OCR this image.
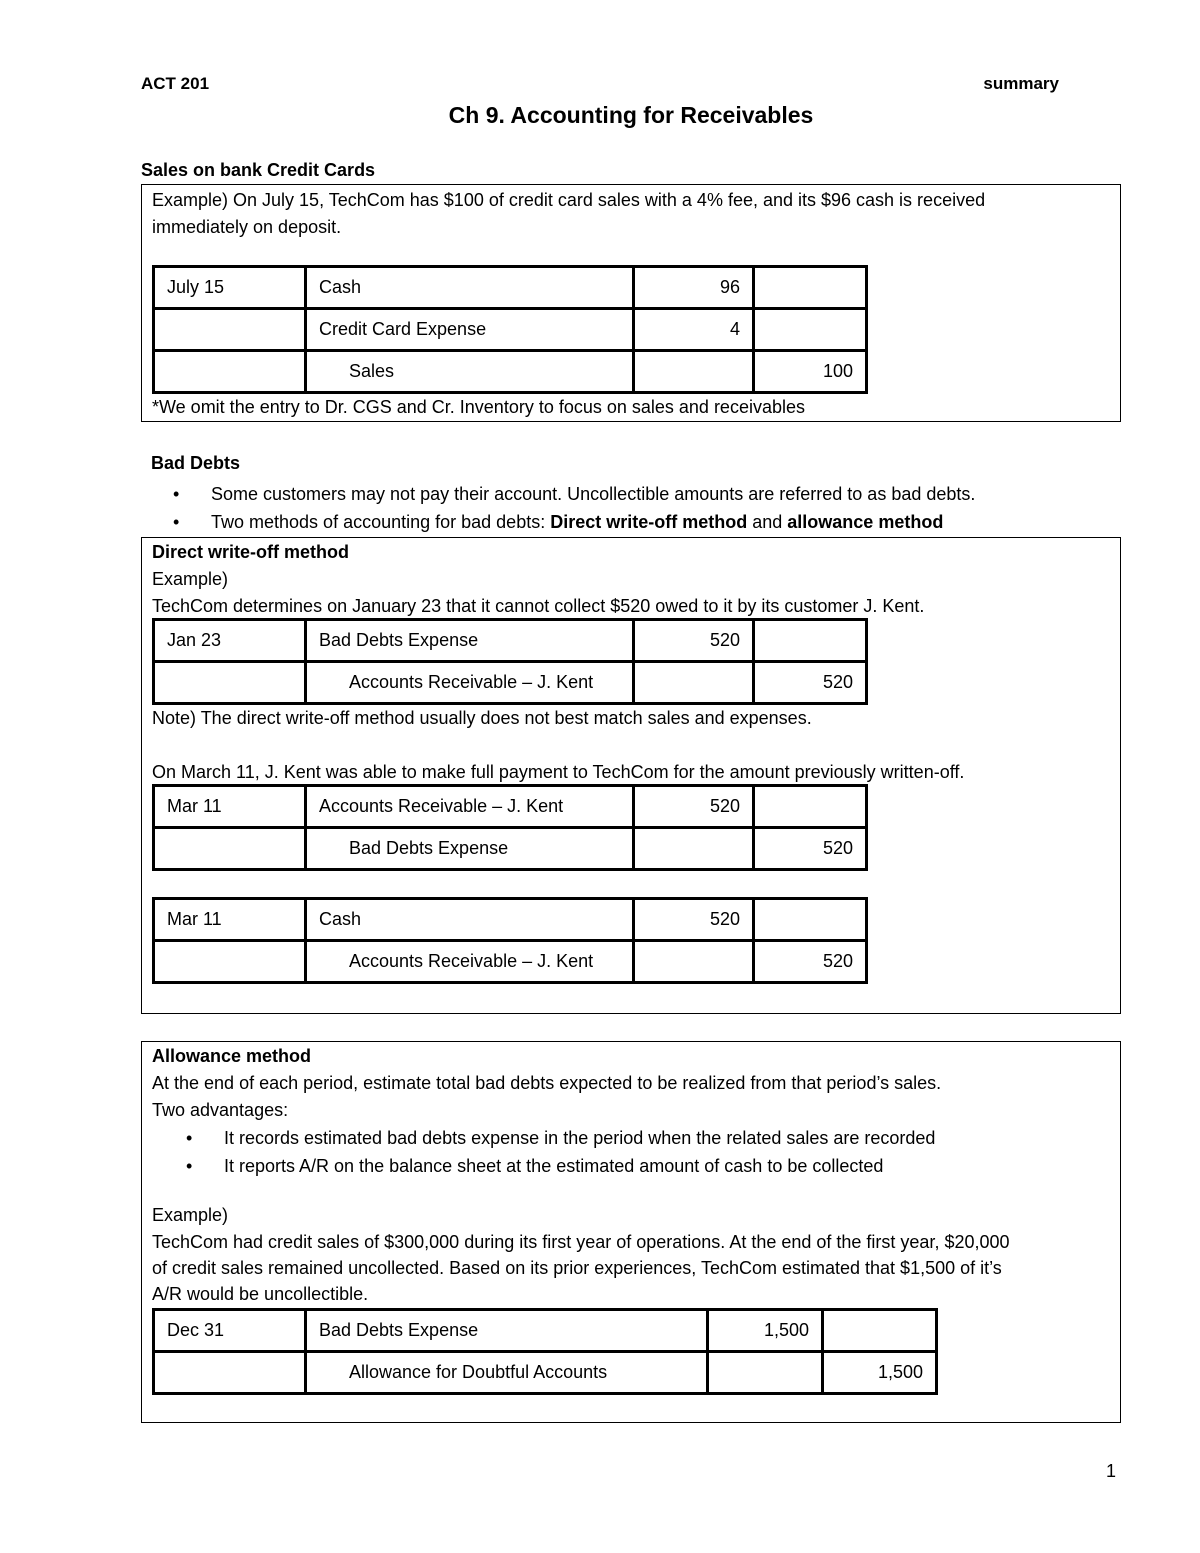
ACT 201	summary
Ch 9. Accounting for Receivables
Sales on bank Credit Cards
Example) On July 15, TechCom has $100 of credit card sales with a 4% fee, and its $96 cash is received
immediately on deposit.
July 15	Cash	96	
	Credit Card Expense	4	
	Sales		100
*We omit the entry to Dr. CGS and Cr. Inventory to focus on sales and receivables
Bad Debts
• Some customers may not pay their account. Uncollectible amounts are referred to as bad debts.
• Two methods of accounting for bad debts: Direct write-off method and allowance method
Direct write-off method
Example)
TechCom determines on January 23 that it cannot collect $520 owed to it by its customer J. Kent.
Jan 23	Bad Debts Expense	520	
	Accounts Receivable – J. Kent		520
Note) The direct write-off method usually does not best match sales and expenses.
On March 11, J. Kent was able to make full payment to TechCom for the amount previously written-off.
Mar 11	Accounts Receivable – J. Kent	520	
	Bad Debts Expense		520
Mar 11	Cash	520	
	Accounts Receivable – J. Kent		520
Allowance method
At the end of each period, estimate total bad debts expected to be realized from that period’s sales.
Two advantages:
• It records estimated bad debts expense in the period when the related sales are recorded
• It reports A/R on the balance sheet at the estimated amount of cash to be collected
Example)
TechCom had credit sales of $300,000 during its first year of operations. At the end of the first year, $20,000
of credit sales remained uncollected. Based on its prior experiences, TechCom estimated that $1,500 of it’s
A/R would be uncollectible.
Dec 31	Bad Debts Expense	1,500	
	Allowance for Doubtful Accounts		1,500
1
